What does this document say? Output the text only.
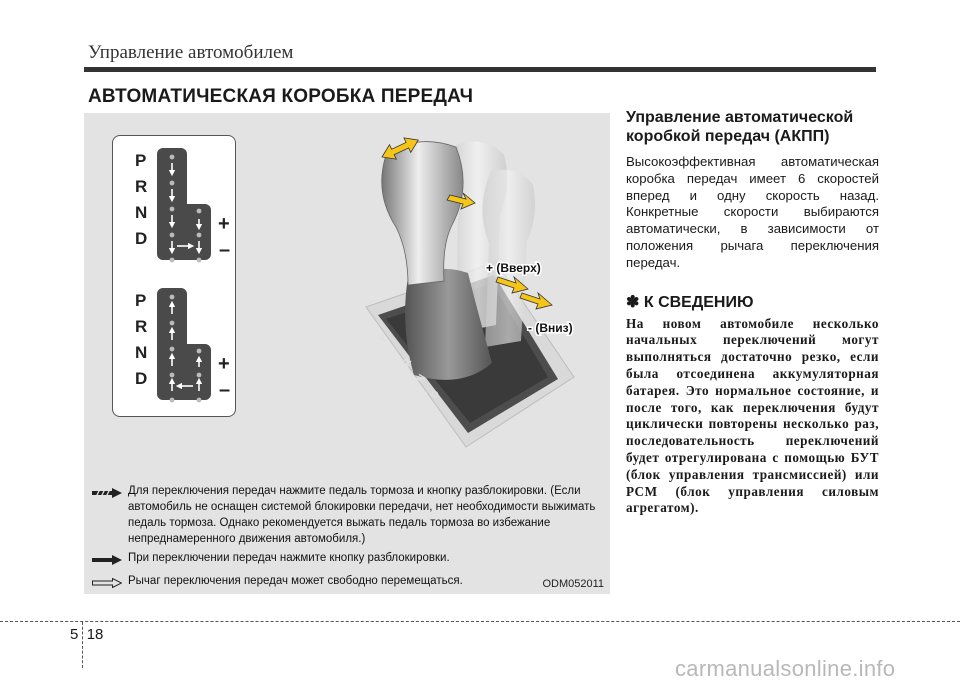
Управление автомобилем
АВТОМАТИЧЕСКАЯ КОРОБКА ПЕРЕДАЧ
P
R
N
D
P
R
N
D
+
–
+
–
+ (Вверх)
- (Вниз)
P
R
N
D
Для переключения передач нажмите педаль тормоза и кнопку разблокировки. (Если автомобиль не оснащен системой блокировки передачи, нет необходимости выжимать педаль тормоза. Однако рекомендуется выжать педаль тормоза во избежание непреднамеренного движения автомобиля.)
При переключении передач нажмите кнопку разблокировки.
Рычаг переключения передач может свободно перемещаться.	ODM052011
Управление автоматической коробкой передач (АКПП)

Высокоэффективная автоматическая коробка передач имеет 6 скоростей вперед и одну скорость назад. Конкретные скорости выбираются автоматически, в зависимости от положения рычага переключения передач.

✽ К СВЕДЕНИЮ

На новом автомобиле несколько начальных переключений могут выполняться достаточно резко, если была отсоединена аккумуляторная батарея. Это нормальное состояние, и после того, как переключения будут циклически повторены несколько раз, последовательность переключений будет отрегулирована с помощью БУТ (блок управления трансмиссией) или PCM (блок управления силовым агрегатом).

5 18
carmanualsonline.info
